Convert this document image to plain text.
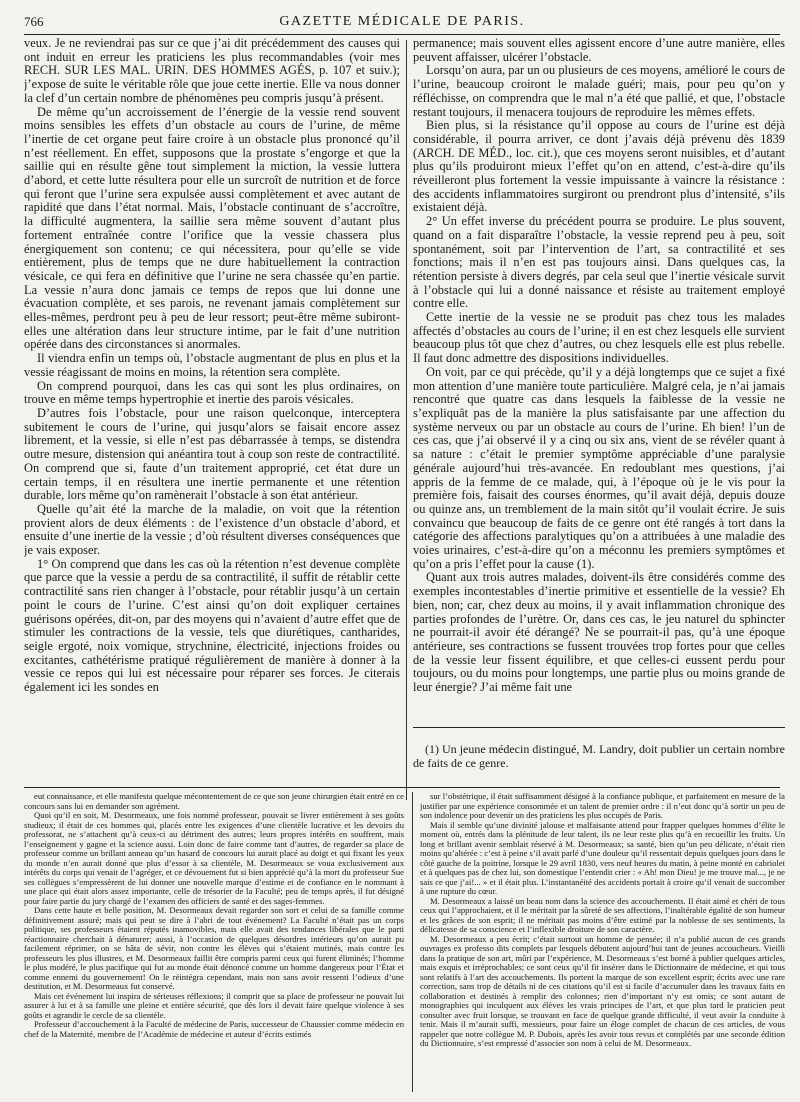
766	GAZETTE MÉDICALE DE PARIS.

veux. Je ne reviendrai pas sur ce que j’ai dit précédemment des causes qui ont induit en erreur les praticiens les plus recommandables (voir mes RECH. SUR LES MAL. URIN. DES HOMMES AGÉS, p. 107 et suiv.); j’expose de suite le véritable rôle que joue cette inertie. Elle va nous donner la clef d’un certain nombre de phénomènes peu compris jusqu’à présent.

De même qu’un accroissement de l’énergie de la vessie rend souvent moins sensibles les effets d’un obstacle au cours de l’urine, de même l’inertie de cet organe peut faire croire à un obstacle plus prononcé qu’il n’est réellement. En effet, supposons que la prostate s’engorge et que la saillie qui en résulte gêne tout simplement la miction, la vessie luttera d’abord, et cette lutte résultera pour elle un surcroît de nutrition et de force qui feront que l’urine sera expulsée aussi complètement et avec autant de rapidité que dans l’état normal. Mais, l’obstacle continuant de s’accroître, la difficulté augmentera, la saillie sera même souvent d’autant plus fortement entraînée contre l’orifice que la vessie chassera plus énergiquement son contenu; ce qui nécessitera, pour qu’elle se vide entièrement, plus de temps que ne dure habituellement la contraction vésicale, ce qui fera en définitive que l’urine ne sera chassée qu’en partie. La vessie n’aura donc jamais ce temps de repos que lui donne une évacuation complète, et ses parois, ne revenant jamais complètement sur elles-mêmes, perdront peu à peu de leur ressort; peut-être même subiront-elles une altération dans leur structure intime, par le fait d’une nutrition opérée dans des circonstances si anormales.

Il viendra enfin un temps où, l’obstacle augmentant de plus en plus et la vessie réagissant de moins en moins, la rétention sera complète.

On comprend pourquoi, dans les cas qui sont les plus ordinaires, on trouve en même temps hypertrophie et inertie des parois vésicales.

D’autres fois l’obstacle, pour une raison quelconque, interceptera subitement le cours de l’urine, qui jusqu’alors se faisait encore assez librement, et la vessie, si elle n’est pas débarrassée à temps, se distendra outre mesure, distension qui anéantira tout à coup son reste de contractilité. On comprend que si, faute d’un traitement approprié, cet état dure un certain temps, il en résultera une inertie permanente et une rétention durable, lors même qu’on ramènerait l’obstacle à son état antérieur.

Quelle qu’ait été la marche de la maladie, on voit que la rétention provient alors de deux éléments : de l’existence d’un obstacle d’abord, et ensuite d’une inertie de la vessie ; d’où résultent diverses conséquences que je vais exposer.

1° On comprend que dans les cas où la rétention n’est devenue complète que parce que la vessie a perdu de sa contractilité, il suffit de rétablir cette contractilité sans rien changer à l’obstacle, pour rétablir jusqu’à un certain point le cours de l’urine. C’est ainsi qu’on doit expliquer certaines guérisons opérées, dit-on, par des moyens qui n’avaient d’autre effet que de stimuler les contractions de la vessie, tels que diurétiques, cantharides, seigle ergoté, noix vomique, strychnine, électricité, injections froides ou excitantes, cathétérisme pratiqué régulièrement de manière à donner à la vessie ce repos qui lui est nécessaire pour réparer ses forces. Je citerais également ici les sondes en

permanence; mais souvent elles agissent encore d’une autre manière, elles peuvent affaisser, ulcérer l’obstacle.

Lorsqu’on aura, par un ou plusieurs de ces moyens, amélioré le cours de l’urine, beaucoup croiront le malade guéri; mais, pour peu qu’on y réfléchisse, on comprendra que le mal n’a été que pallié, et que, l’obstacle restant toujours, il menacera toujours de reproduire les mêmes effets.

Bien plus, si la résistance qu’il oppose au cours de l’urine est déjà considérable, il pourra arriver, ce dont j’avais déjà prévenu dès 1839 (ARCH. DE MÉD., loc. cit.), que ces moyens seront nuisibles, et d’autant plus qu’ils produiront mieux l’effet qu’on en attend, c’est-à-dire qu’ils réveilleront plus fortement la vessie impuissante à vaincre la résistance : des accidents inflammatoires surgiront ou prendront plus d’intensité, s’ils existaient déjà.

2° Un effet inverse du précédent pourra se produire. Le plus souvent, quand on a fait disparaître l’obstacle, la vessie reprend peu à peu, soit spontanément, soit par l’intervention de l’art, sa contractilité et ses fonctions; mais il n’en est pas toujours ainsi. Dans quelques cas, la rétention persiste à divers degrés, par cela seul que l’inertie vésicale survit à l’obstacle qui lui a donné naissance et résiste au traitement employé contre elle.

Cette inertie de la vessie ne se produit pas chez tous les malades affectés d’obstacles au cours de l’urine; il en est chez lesquels elle survient beaucoup plus tôt que chez d’autres, ou chez lesquels elle est plus rebelle. Il faut donc admettre des dispositions individuelles.

On voit, par ce qui précède, qu’il y a déjà longtemps que ce sujet a fixé mon attention d’une manière toute particulière. Malgré cela, je n’ai jamais rencontré que quatre cas dans lesquels la faiblesse de la vessie ne s’expliquât pas de la manière la plus satisfaisante par une affection du système nerveux ou par un obstacle au cours de l’urine. Eh bien! l’un de ces cas, que j’ai observé il y a cinq ou six ans, vient de se révéler quant à sa nature : c’était le premier symptôme appréciable d’une paralysie générale aujourd’hui très-avancée. En redoublant mes questions, j’ai appris de la femme de ce malade, qui, à l’époque où je le vis pour la première fois, faisait des courses énormes, qu’il avait déjà, depuis douze ou quinze ans, un tremblement de la main sitôt qu’il voulait écrire. Je suis convaincu que beaucoup de faits de ce genre ont été rangés à tort dans la catégorie des affections paralytiques qu’on a attribuées à une maladie des voies urinaires, c’est-à-dire qu’on a méconnu les premiers symptômes et qu’on a pris l’effet pour la cause (1).

Quant aux trois autres malades, doivent-ils être considérés comme des exemples incontestables d’inertie primitive et essentielle de la vessie? Eh bien, non; car, chez deux au moins, il y avait inflammation chronique des parties profondes de l’urètre. Or, dans ces cas, le jeu naturel du sphincter ne pourrait-il avoir été dérangé? Ne se pourrait-il pas, qu’à une époque antérieure, ses contractions se fussent trouvées trop fortes pour que celles de la vessie leur fissent équilibre, et que celles-ci eussent perdu pour toujours, ou du moins pour longtemps, une partie plus ou moins grande de leur énergie? J’ai même fait une

(1) Un jeune médecin distingué, M. Landry, doit publier un certain nombre de faits de ce genre.

eut connaissance, et elle manifesta quelque mécontentement de ce que son jeune chirurgien était entré en ce concours sans lui en demander son agrément.

Quoi qu’il en soit, M. Desormeaux, une fois nommé professeur, pouvait se livrer entièrement à ses goûts studieux; il était de ces hommes qui, placés entre les exigences d’une clientèle lucrative et les devoirs du professorat, ne s’attachent qu’à ceux-ci au détriment des autres; leurs propres intérêts en souffrent, mais l’enseignement y gagne et la science aussi. Loin donc de faire comme tant d’autres, de regarder sa place de professeur comme un brillant anneau qu’un hasard de concours lui aurait placé au doigt et qui fixant les yeux du monde n’en aurait donné que plus d’essor à sa clientèle, M. Desormeaux se voua exclusivement aux intérêts du corps qui venait de l’agréger, et ce dévouement fut si bien apprécié qu’à la mort du professeur Sue ses collègues s’empressèrent de lui donner une nouvelle marque d’estime et de confiance en le nommant à une place qui était alors assez importante, celle de trésorier de la Faculté; peu de temps après, il fut désigné pour faire partie du jury chargé de l’examen des officiers de santé et des sages-femmes.

Dans cette haute et belle position, M. Desormeaux devait regarder son sort et celui de sa famille comme définitivement assuré; mais qui peut se dire à l’abri de tout événement? La Faculté n’était pas un corps politique, ses professeurs étaient réputés inamovibles, mais elle avait des tendances libérales que le parti réactionnaire cherchait à dénaturer; aussi, à l’occasion de quelques désordres intérieurs qu’on aurait pu facilement réprimer, on se hâta de sévir, non contre les élèves qui s’étaient mutinés, mais contre les professeurs les plus illustres, et M. Desormeaux faillit être compris parmi ceux qui furent éliminés; l’homme le plus modéré, le plus pacifique qui fut au monde était dénoncé comme un homme dangereux pour l’État et comme ennemi du gouvernement! On le réintégra cependant, mais non sans avoir ressenti l’odieux d’une destitution, et M. Desormeaux fut conservé.

Mais cet événement lui inspira de sérieuses réflexions; il comprit que sa place de professeur ne pouvait lui assurer à lui et à sa famille une pleine et entière sécurité, que dès lors il devait faire quelque violence à ses goûts et agrandir le cercle de sa clientèle.

Professeur d’accouchement à la Faculté de médecine de Paris, successeur de Chaussier comme médecin en chef de la Maternité, membre de l’Académie de médecine et auteur d’écrits estimés

sur l’obstétrique, il était suffisamment désigné à la confiance publique, et parfaitement en mesure de la justifier par une expérience consommée et un talent de premier ordre : il n’eut donc qu’à sortir un peu de son indolence pour devenir un des praticiens les plus occupés de Paris.

Mais il semble qu’une divinité jalouse et malfaisante attend pour frapper quelques hommes d’élite le moment où, entrés dans la plénitude de leur talent, ils ne leur reste plus qu’à en recueillir les fruits. Un long et brillant avenir semblait réservé à M. Desormeaux; sa santé, bien qu’un peu délicate, n’était rien moins qu’altérée : c’est à peine s’il avait parlé d’une douleur qu’il ressentait depuis quelques jours dans le côté gauche de la poitrine, lorsque le 29 avril 1830, vers neuf heures du matin, à peine monté en cabriolet et à quelques pas de chez lui, son domestique l’entendit crier : « Ah! mon Dieu! je me trouve mal..., je ne sais ce que j’ai!... » et il était plus. L’instantanéité des accidents portait à croire qu’il venait de succomber à une rupture du cœur.

M. Desormeaux a laissé un beau nom dans la science des accouchements. Il était aimé et chéri de tous ceux qui l’approchaient, et il le méritait par la sûreté de ses affections, l’inaltérable égalité de son humeur et les grâces de son esprit; il ne méritait pas moins d’être estimé par la noblesse de ses sentiments, la délicatesse de sa conscience et l’inflexible droiture de son caractère.

M. Desormeaux a peu écrit; c’était surtout un homme de pensée; il n’a publié aucun de ces grands ouvrages ex professo dits complets par lesquels débutent aujourd’hui tant de jeunes accoucheurs. Vieilli dans la pratique de son art, mûri par l’expérience, M. Desormeaux s’est borné à publier quelques articles, mais exquis et irréprochables; ce sont ceux qu’il fit insérer dans le Dictionnaire de médecine, et qui tous sont relatifs à l’art des accouchements. Ils portent la marque de son excellent esprit; écrits avec une rare correction, sans trop de détails ni de ces citations qu’il est si facile d’accumuler dans les travaux faits en collaboration et destinés à remplir des colonnes; rien d’important n’y est omis; ce sont autant de monographies qui inculquent aux élèves les vrais principes de l’art, et que plus tard le praticien peut consulter avec fruit lorsque, se trouvant en face de quelque grande difficulté, il veut avoir la conduite à tenir. Mais il m’aurait suffi, messieurs, pour faire un éloge complet de chacun de ces articles, de vous rappeler que notre collègue M. P. Dubois, après les avoir tous revus et complétés par une seconde édition du Dictionnaire, s’est empressé d’associer son nom à celui de M. Desormeaux.
